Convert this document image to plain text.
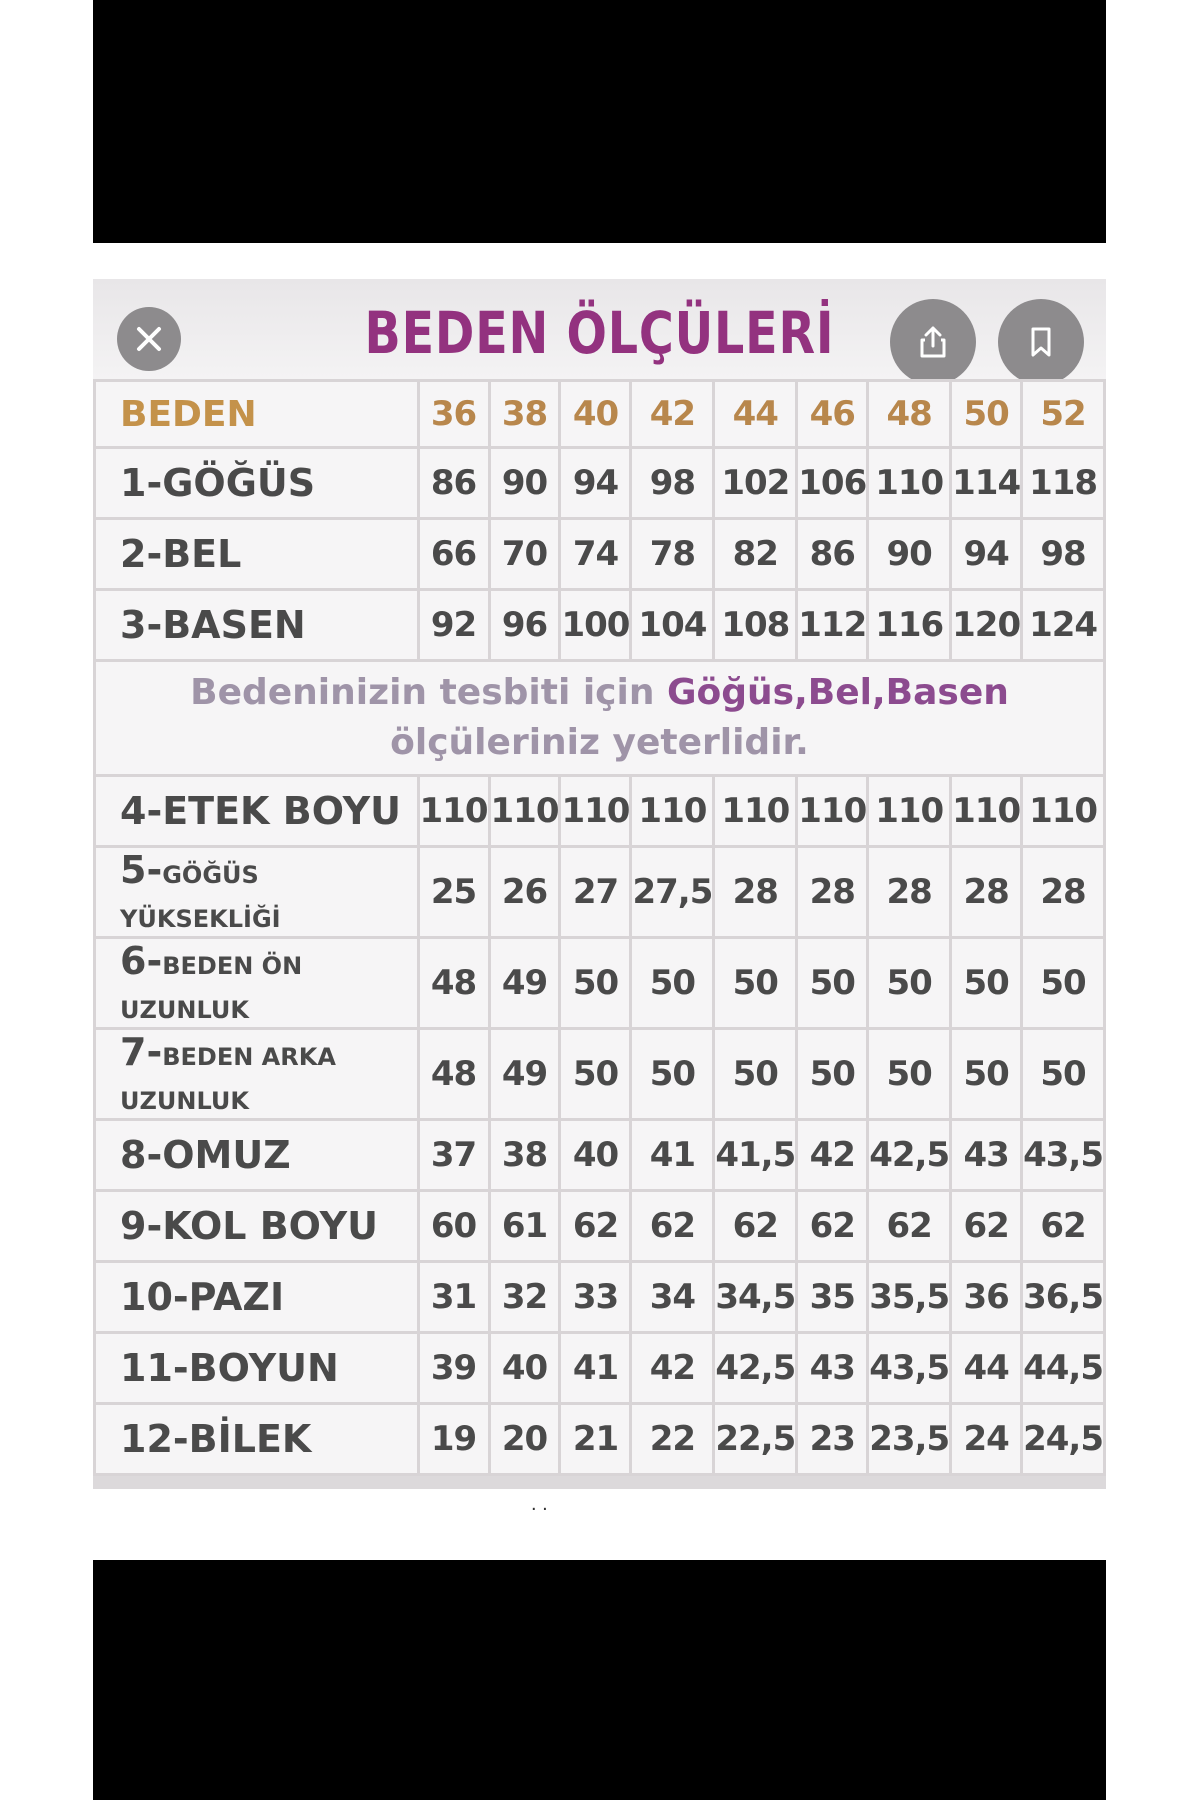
BEDEN ÖLÇÜLERİ
BEDEN	36	38	40	42	44	46	48	50	52
1-GÖĞÜS	86	90	94	98	102	106	110	114	118
2-BEL	66	70	74	78	82	86	90	94	98
3-BASEN	92	96	100	104	108	112	116	120	124
Bedeninizin tesbiti için Göğüs,Bel,Basen
ölçüleriniz yeterlidir.									
4-ETEK BOYU	110	110	110	110	110	110	110	110	110
5-GÖĞÜS YÜKSEKLİĞİ	25	26	27	27,5	28	28	28	28	28
6-BEDEN ÖN UZUNLUK	48	49	50	50	50	50	50	50	50
7-BEDEN ARKA UZUNLUK	48	49	50	50	50	50	50	50	50
8-OMUZ	37	38	40	41	41,5	42	42,5	43	43,5
9-KOL BOYU	60	61	62	62	62	62	62	62	62
10-PAZI	31	32	33	34	34,5	35	35,5	36	36,5
11-BOYUN	39	40	41	42	42,5	43	43,5	44	44,5
12-BİLEK	19	20	21	22	22,5	23	23,5	24	24,5
. .
